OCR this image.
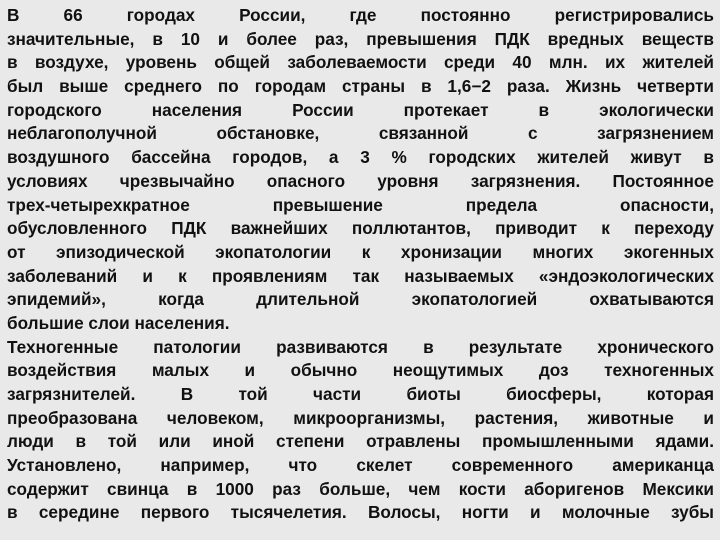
В 66 городах России, где постоянно регистрировались
значительные, в 10 и более раз, превышения ПДК вредных веществ
в воздухе, уровень общей заболеваемости среди 40 млн. их жителей
был выше среднего по городам страны в 1,6−2 раза. Жизнь четверти
городского населения России протекает в экологически
неблагополучной обстановке, связанной с загрязнением
воздушного бассейна городов, а 3 % городских жителей живут в
условиях чрезвычайно опасного уровня загрязнения. Постоянное
трех-четырехкратное превышение предела опасности,
обусловленного ПДК важнейших поллютантов, приводит к переходу
от эпизодической экопатологии к хронизации многих экогенных
заболеваний и к проявлениям так называемых «эндоэкологических
эпидемий», когда длительной экопатологией охватываются
большие слои населения.
Техногенные патологии развиваются в результате хронического
воздействия малых и обычно неощутимых доз техногенных
загрязнителей. В той части биоты биосферы, которая
преобразована человеком, микроорганизмы, растения, животные и
люди в той или иной степени отравлены промышленными ядами.
Установлено, например, что скелет современного американца
содержит свинца в 1000 раз больше, чем кости аборигенов Мексики
в середине первого тысячелетия. Волосы, ногти и молочные зубы
